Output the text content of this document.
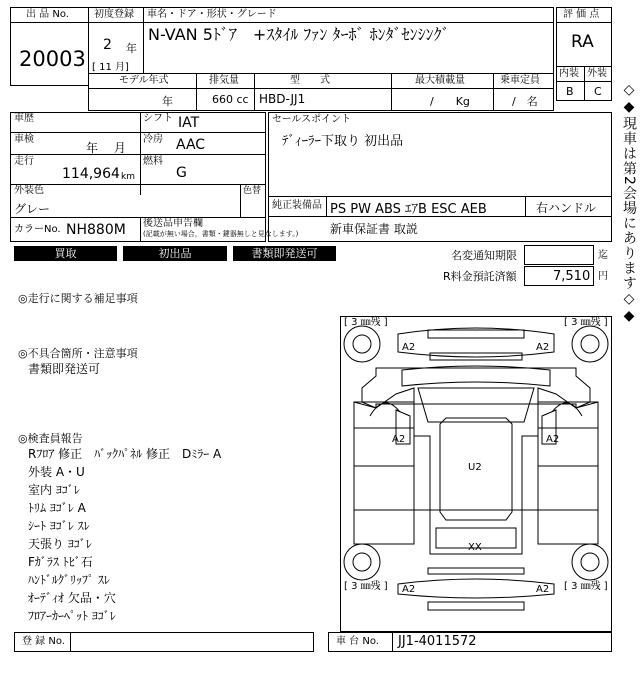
出 品 No.
20003
初度登録
2 年
[ 11 月]
車名・ドア・形状・グレード
N-VAN 5ﾄﾞｱ　+ｽﾀｲﾙ ﾌｧﾝ ﾀｰﾎﾞ ﾎﾝﾀﾞｾﾝｼﾝｸﾞ
モデル年式
年
排気量
660 cc
型　　式
HBD-JJ1
最大積載量
/　　Kg
乗車定員
/　名
評 価 点
RA
内装 外装
B C
車歴	シフト IAT
車検
年　 月
冷房 AAC
走行
114,964 km
燃料
G
外装色
グレー
色替
カラーNo. NH880M 後送品申告欄
(記載が無い場合，書類・鍵器無しと見なします。)
セールスポイント
ﾃﾞｨｰﾗｰ下取り 初出品
純正装備品 PS PW ABS ｴｱB ESC AEB	右ハンドル
新車保証書 取説
買取	初出品	書類即発送可	名変通知期限	迄
R料金預託済額	7,510 円 ◇◆現車は第2会場にあります◇◆
◎走行に関する補足事項
◎不具合箇所・注意事項
書類即発送可
◎検査員報告
Rﾌﾛｱ 修正　ﾊﾞｯｸﾊﾟﾈﾙ 修正　Dﾐﾗｰ A
外装 A・U
室内 ﾖｺﾞﾚ
ﾄﾘﾑ ﾖｺﾞﾚ A
ｼｰﾄ ﾖｺﾞﾚ ｽﾚ
天張り ﾖｺﾞﾚ
Fｶﾞﾗｽ ﾄﾋﾞ石
ﾊﾝﾄﾞﾙｸﾞﾘｯﾌﾟ ｽﾚ
ｵｰﾃﾞｨｵ 欠品・穴
ﾌﾛｱｰｶｰﾍﾟｯﾄ ﾖｺﾞﾚ
[ 3 ㎜残 ]	[ 3 ㎜残 ]
[ 3 ㎜残 ]	[ 3 ㎜残 ]
A2	A2
A2	A2
U2
XX
A2	A2
登 録 No.	車 台 No. JJ1-4011572
